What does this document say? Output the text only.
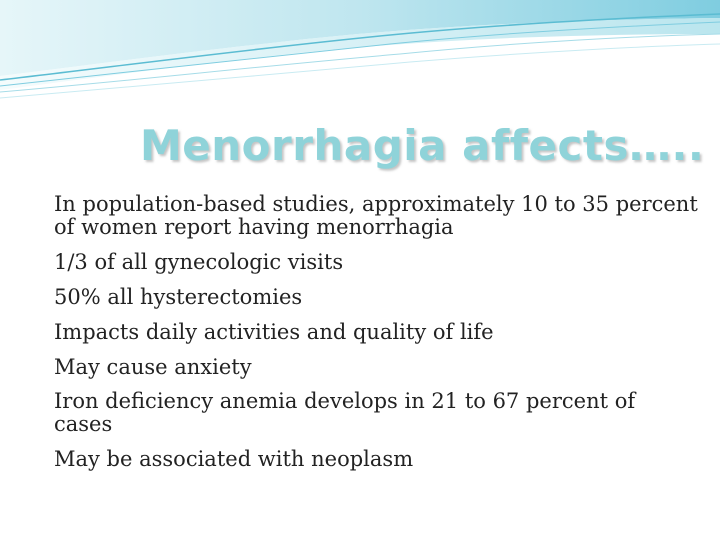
Menorrhagia affects…..
In population-based studies, approximately 10 to 35 percent of women report having menorrhagia
1/3 of all gynecologic visits
50% all hysterectomies
Impacts daily activities and quality of life
May cause anxiety
Iron deficiency anemia develops in 21 to 67 percent of cases
May be associated with neoplasm
